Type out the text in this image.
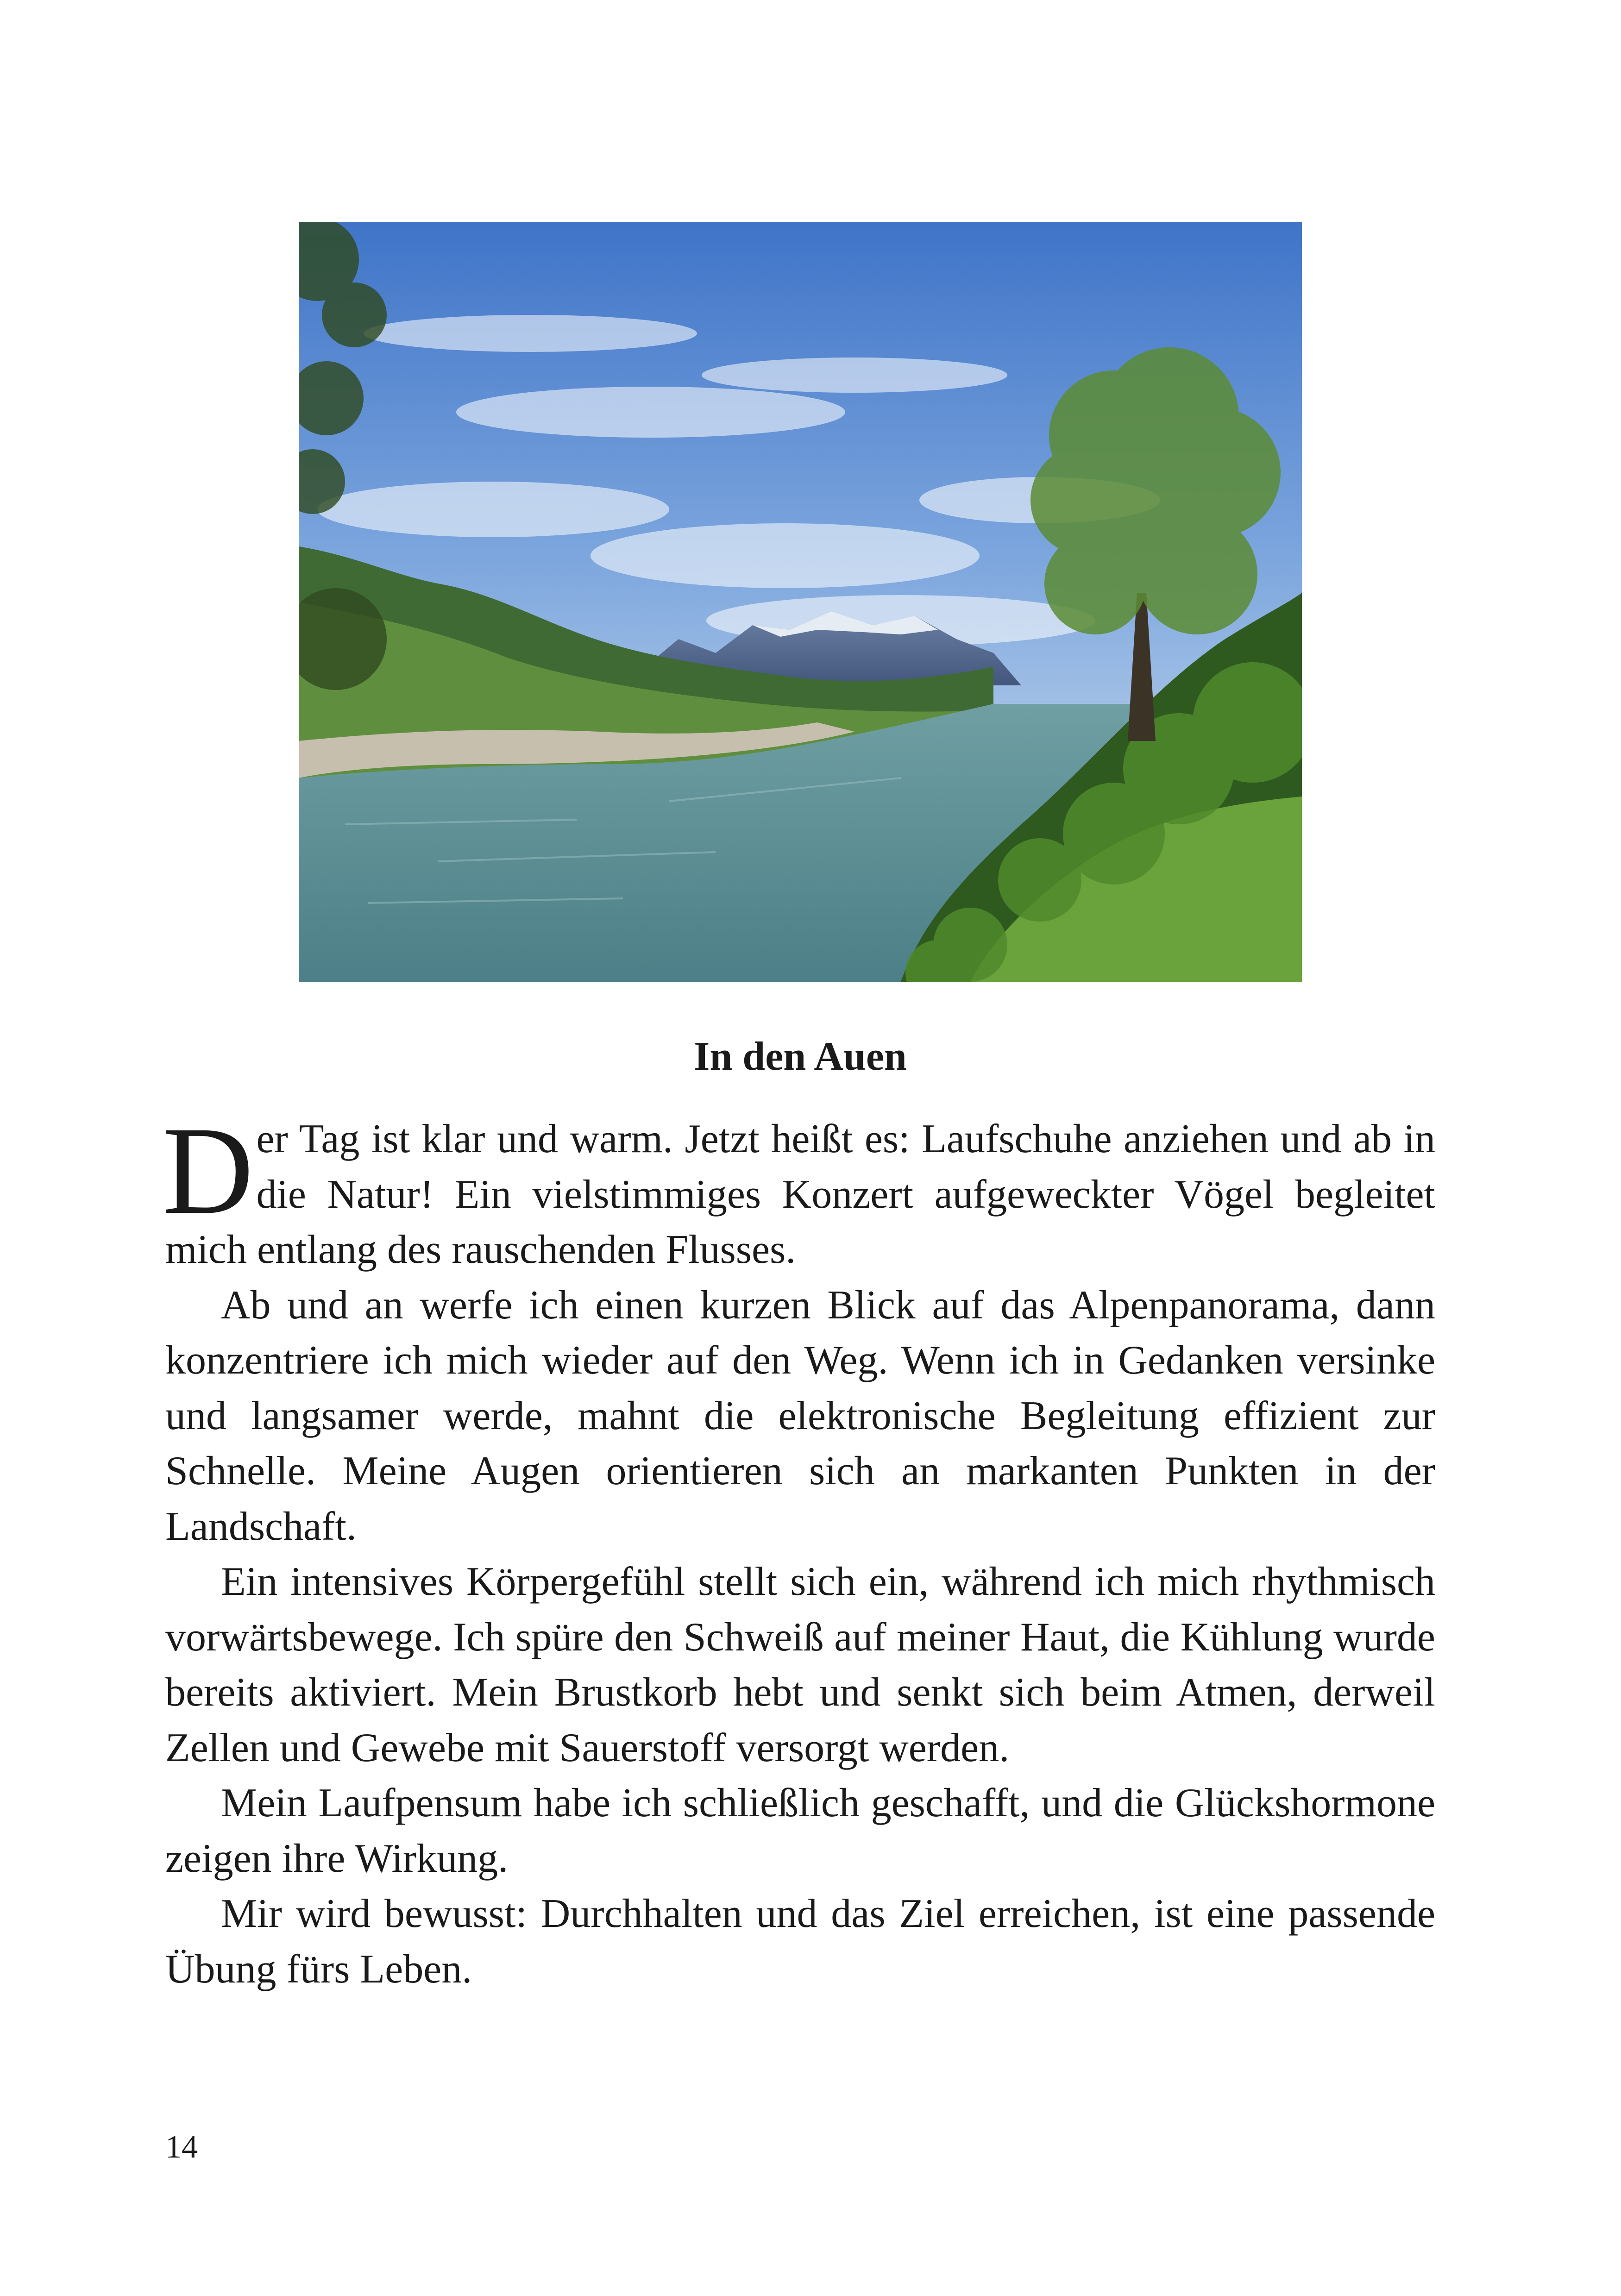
In den Auen

Der Tag ist klar und warm. Jetzt heißt es: Laufschuhe anziehen und ab in die Natur! Ein vielstimmiges Konzert aufgeweckter Vögel begleitet mich entlang des rauschenden Flusses.

Ab und an werfe ich einen kurzen Blick auf das Alpenpanorama, dann konzentriere ich mich wieder auf den Weg. Wenn ich in Gedanken versinke und langsamer werde, mahnt die elektronische Begleitung effizient zur Schnelle. Meine Augen orientieren sich an markanten Punkten in der Landschaft.

Ein intensives Körpergefühl stellt sich ein, während ich mich rhythmisch vorwärtsbewege. Ich spüre den Schweiß auf meiner Haut, die Kühlung wurde bereits aktiviert. Mein Brustkorb hebt und senkt sich beim Atmen, derweil Zellen und Gewebe mit Sauerstoff versorgt werden.

Mein Laufpensum habe ich schließlich geschafft, und die Glückshormone zeigen ihre Wirkung.

Mir wird bewusst: Durchhalten und das Ziel erreichen, ist eine passende Übung fürs Leben.

14
